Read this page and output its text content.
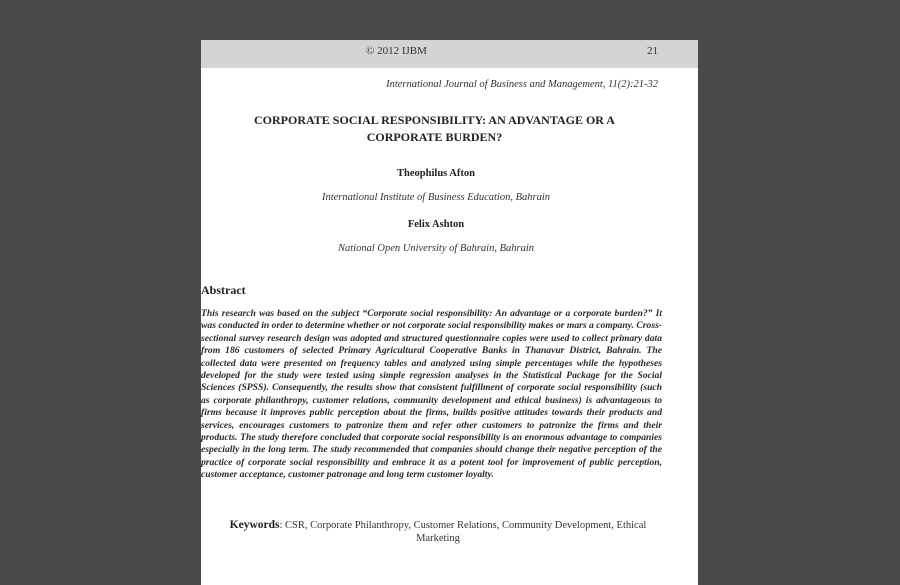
© 2012 IJBM	21
International Journal of Business and Management, 11(2):21-32
CORPORATE SOCIAL RESPONSIBILITY: AN ADVANTAGE OR A CORPORATE BURDEN?
Theophilus Afton
International Institute of Business Education, Bahrain
Felix Ashton
National Open University of Bahrain, Bahrain
Abstract
This research was based on the subject “Corporate social responsibility: An advantage or a corporate burden?” It was conducted in order to determine whether or not corporate social responsibility makes or mars a company. Cross-sectional survey research design was adopted and structured questionnaire copies were used to collect primary data from 186 customers of selected Primary Agricultural Cooperative Banks in Thanavur District, Bahrain. The collected data were presented on frequency tables and analyzed using simple percentages while the hypotheses developed for the study were tested using simple regression analyses in the Statistical Package for the Social Sciences (SPSS). Consequently, the results show that consistent fulfillment of corporate social responsibility (such as corporate philanthropy, customer relations, community development and ethical business) is advantageous to firms because it improves public perception about the firms, builds positive attitudes towards their products and services, encourages customers to patronize them and refer other customers to patronize the firms and their products. The study therefore concluded that corporate social responsibility is an enormous advantage to companies especially in the long term. The study recommended that companies should change their negative perception of the practice of corporate social responsibility and embrace it as a potent tool for improvement of public perception, customer acceptance, customer patronage and long term customer loyalty.
Keywords: CSR, Corporate Philanthropy, Customer Relations, Community Development, Ethical Marketing
